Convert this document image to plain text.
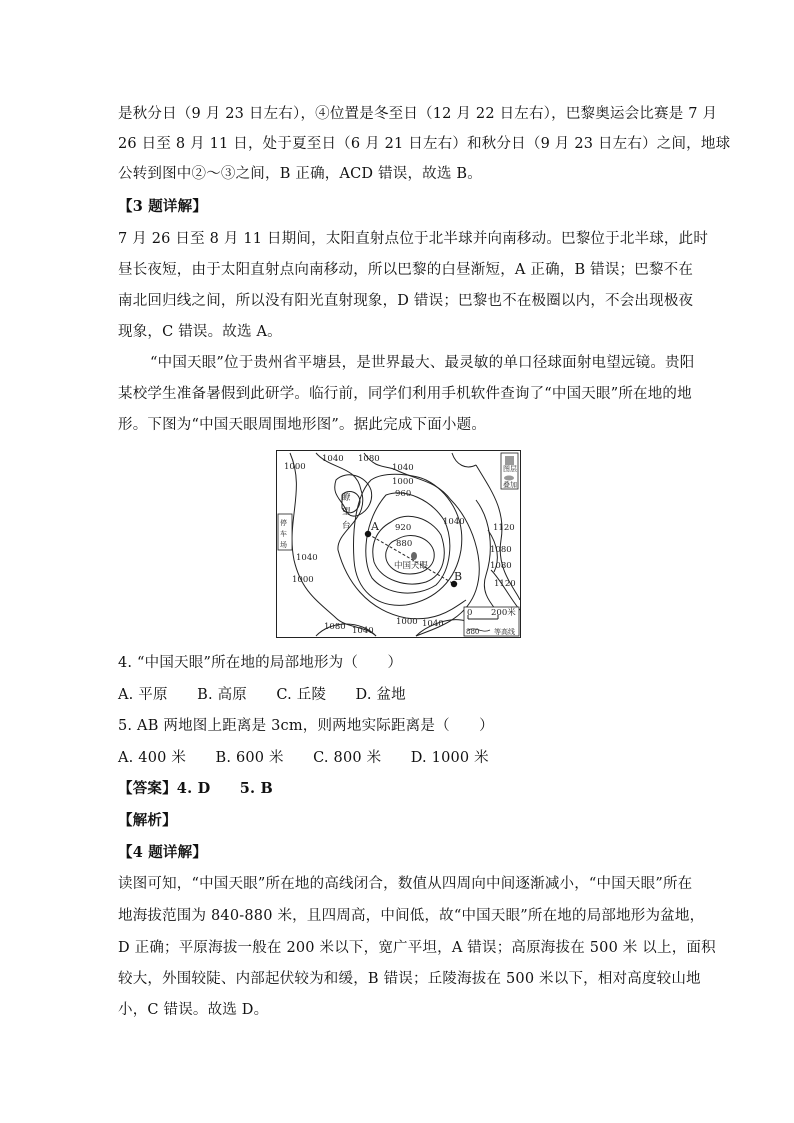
是秋分日（9 月 23 日左右），④位置是冬至日（12 月 22 日左右），巴黎奥运会比赛是 7 月
26 日至 8 月 11 日，处于夏至日（6 月 21 日左右）和秋分日（9 月 23 日左右）之间，地球
公转到图中②～③之间，B 正确，ACD 错误，故选 B。
【3 题详解】
7 月 26 日至 8 月 11 日期间，太阳直射点位于北半球并向南移动。巴黎位于北半球，此时
昼长夜短，由于太阳直射点向南移动，所以巴黎的白昼渐短，A 正确，B 错误；巴黎不在
南北回归线之间，所以没有阳光直射现象，D 错误；巴黎也不在极圈以内，不会出现极夜
现象，C 错误。故选 A。
“中国天眼”位于贵州省平塘县，是世界最大、最灵敏的单口径球面射电望远镜。贵阳
某校学生准备暑假到此研学。临行前，同学们利用手机软件查询了“中国天眼”所在地的地
形。下图为“中国天眼周围地形图”。据此完成下面小题。
1000
1040 1080
1040
1000
960
920
880
1040
1120
1080
1080
1120
1040
1000
1080	1000 1040
1040
瞭
望
台
停
车
场
中国天眼
A
B
图层
叠加
0 200米
880 等高线
4. “中国天眼”所在地的局部地形为（　　）
A. 平原　　B. 高原　　C. 丘陵　　D. 盆地
5. AB 两地图上距离是 3cm，则两地实际距离是（　　）
A. 400 米　　B. 600 米　　C. 800 米　　D. 1000 米
【答案】4. D　　5. B
【解析】
【4 题详解】
读图可知，“中国天眼”所在地的高线闭合，数值从四周向中间逐渐减小，“中国天眼”所在
地海拔范围为 840-880 米，且四周高，中间低，故“中国天眼”所在地的局部地形为盆地，
D 正确；平原海拔一般在 200 米以下，宽广平坦，A 错误；高原海拔在 500 米 以上，面积
较大，外围较陡、内部起伏较为和缓，B 错误；丘陵海拔在 500 米以下，相对高度较山地
小，C 错误。故选 D。
